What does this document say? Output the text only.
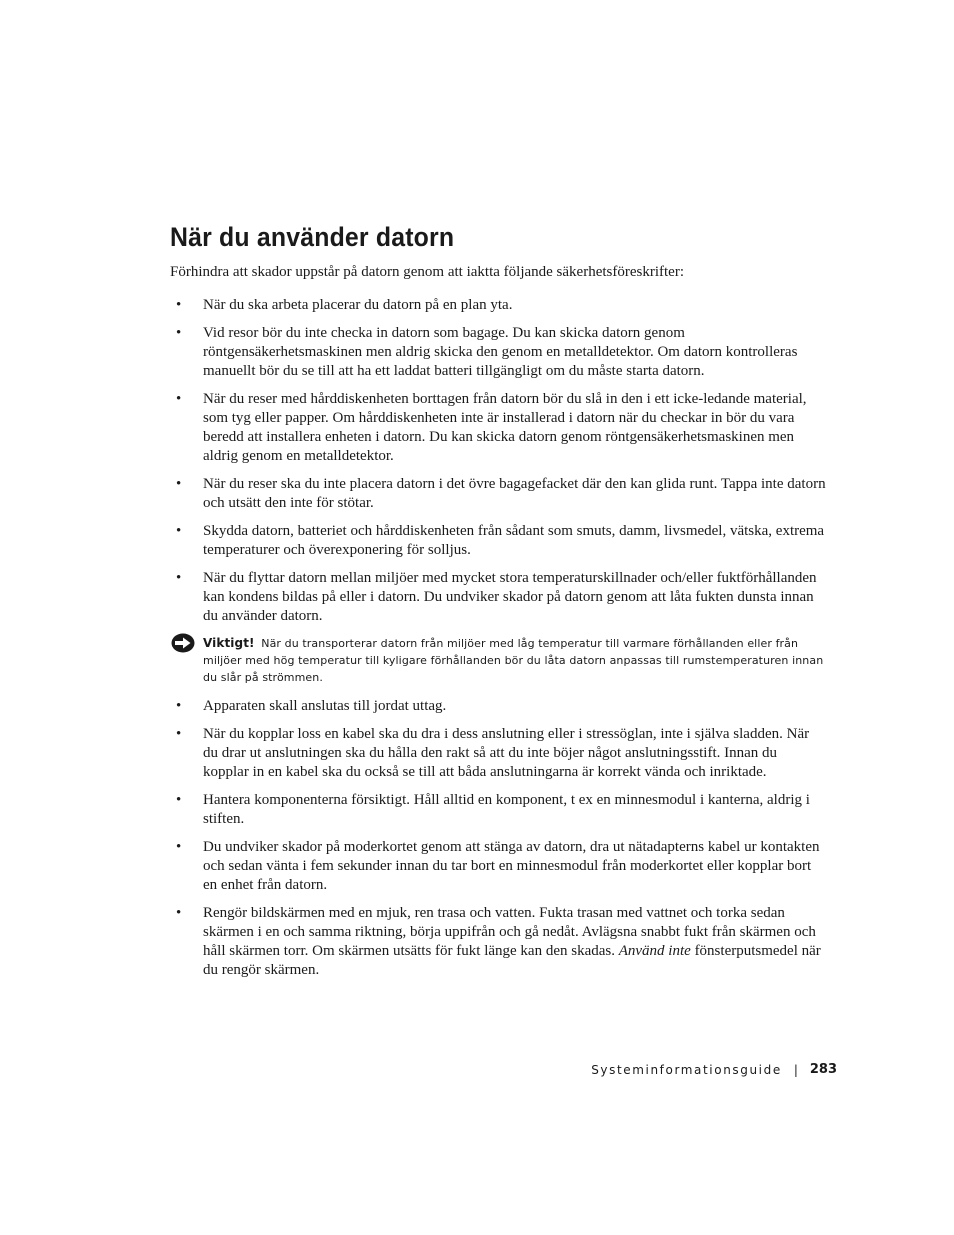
När du använder datorn

Förhindra att skador uppstår på datorn genom att iaktta följande säkerhetsföreskrifter:

• När du ska arbeta placerar du datorn på en plan yta.
• Vid resor bör du inte checka in datorn som bagage. Du kan skicka datorn genom röntgensäkerhetsmaskinen men aldrig skicka den genom en metalldetektor. Om datorn kontrolleras manuellt bör du se till att ha ett laddat batteri tillgängligt om du måste starta datorn.
• När du reser med hårddiskenheten borttagen från datorn bör du slå in den i ett icke-ledande material, som tyg eller papper. Om hårddiskenheten inte är installerad i datorn när du checkar in bör du vara beredd att installera enheten i datorn. Du kan skicka datorn genom röntgensäkerhetsmaskinen men aldrig genom en metalldetektor.
• När du reser ska du inte placera datorn i det övre bagagefacket där den kan glida runt. Tappa inte datorn och utsätt den inte för stötar.
• Skydda datorn, batteriet och hårddiskenheten från sådant som smuts, damm, livsmedel, vätska, extrema temperaturer och överexponering för solljus.
• När du flyttar datorn mellan miljöer med mycket stora temperaturskillnader och/eller fuktförhållanden kan kondens bildas på eller i datorn. Du undviker skador på datorn genom att låta fukten dunsta innan du använder datorn.
Viktigt! När du transporterar datorn från miljöer med låg temperatur till varmare förhållanden eller från miljöer med hög temperatur till kyligare förhållanden bör du låta datorn anpassas till rumstemperaturen innan du slår på strömmen.
• Apparaten skall anslutas till jordat uttag.
• När du kopplar loss en kabel ska du dra i dess anslutning eller i stressöglan, inte i själva sladden. När du drar ut anslutningen ska du hålla den rakt så att du inte böjer något anslutningsstift. Innan du kopplar in en kabel ska du också se till att båda anslutningarna är korrekt vända och inriktade.
• Hantera komponenterna försiktigt. Håll alltid en komponent, t ex en minnesmodul i kanterna, aldrig i stiften.
• Du undviker skador på moderkortet genom att stänga av datorn, dra ut nätadapterns kabel ur kontakten och sedan vänta i fem sekunder innan du tar bort en minnesmodul från moderkortet eller kopplar bort en enhet från datorn.
• Rengör bildskärmen med en mjuk, ren trasa och vatten. Fukta trasan med vattnet och torka sedan skärmen i en och samma riktning, börja uppifrån och gå nedåt. Avlägsna snabbt fukt från skärmen och håll skärmen torr. Om skärmen utsätts för fukt länge kan den skadas. Använd inte fönsterputsmedel när du rengör skärmen.
Systeminformationsguide | 283
